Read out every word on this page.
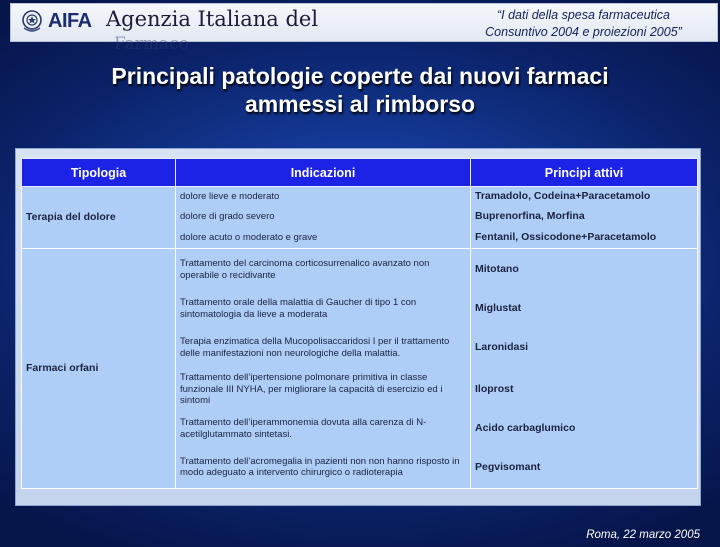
AIFA Agenzia Italiana del
Farmaco
“I dati della spesa farmaceutica
Consuntivo 2004 e proiezioni 2005”
Principali patologie coperte dai nuovi farmaci
ammessi al rimborso
Tipologia	Indicazioni	Principi attivi
Terapia del dolore	dolore lieve e moderato	Tramadolo, Codeina+Paracetamolo
	dolore di grado severo	Buprenorfina, Morfina
	dolore acuto o moderato e grave	Fentanil, Ossicodone+Paracetamolo
Farmaci orfani	Trattamento del carcinoma corticosurrenalico avanzato non operabile o recidivante	Mitotano
	Trattamento orale della malattia di Gaucher di tipo 1 con sintomatologia da lieve a moderata	Miglustat
	Terapia enzimatica della Mucopolisaccaridosi I per il trattamento delle manifestazioni non neurologiche della malattia.	Laronidasi
	Trattamento dell’ipertensione polmonare primitiva in classe funzionale III NYHA, per migliorare la capacità di esercizio ed i sintomi	Iloprost
	Trattamento dell’iperammonemia dovuta alla carenza di N-acetilglutammato sintetasi.	Acido carbaglumico
	Trattamento dell’acromegalia in pazienti non non hanno risposto in modo adeguato a intervento chirurgico o radioterapia	Pegvisomant
Roma, 22 marzo 2005
